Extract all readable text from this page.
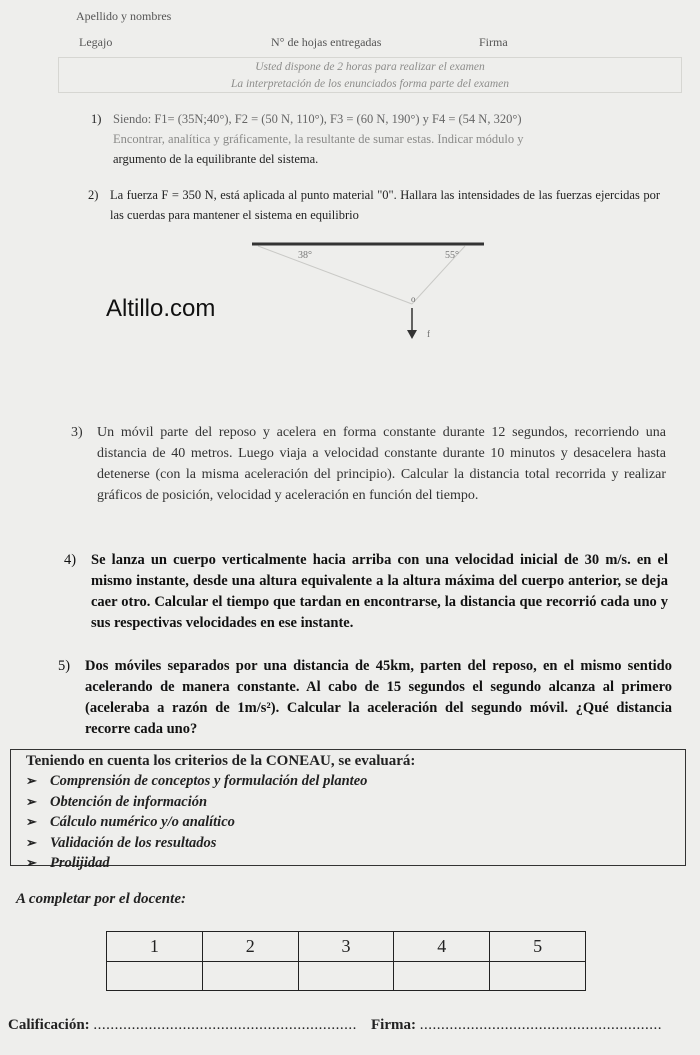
Apellido y nombres
Legajo	N° de hojas entregadas	Firma
Usted dispone de 2 horas para realizar el examen
La interpretación de los enunciados forma parte del examen
1) Siendo: F1= (35N;40°), F2 = (50 N, 110°), F3 = (60 N, 190°) y F4 = (54 N, 320°)
Encontrar, analítica y gráficamente, la resultante de sumar estas. Indicar módulo y
argumento de la equilibrante del sistema.
2) La fuerza F = 350 N, está aplicada al punto material "0". Hallara las intensidades de las fuerzas ejercidas por las cuerdas para mantener el sistema en equilibrio
38°	55°
o
f
Altillo.com
3) Un móvil parte del reposo y acelera en forma constante durante 12 segundos, recorriendo una distancia de 40 metros. Luego viaja a velocidad constante durante 10 minutos y desacelera hasta detenerse (con la misma aceleración del principio). Calcular la distancia total recorrida y realizar gráficos de posición, velocidad y aceleración en función del tiempo.
4) Se lanza un cuerpo verticalmente hacia arriba con una velocidad inicial de 30 m/s. en el mismo instante, desde una altura equivalente a la altura máxima del cuerpo anterior, se deja caer otro. Calcular el tiempo que tardan en encontrarse, la distancia que recorrió cada uno y sus respectivas velocidades en ese instante.
5) Dos móviles separados por una distancia de 45km, parten del reposo, en el mismo sentido acelerando de manera constante. Al cabo de 15 segundos el segundo alcanza al primero (aceleraba a razón de 1m/s²). Calcular la aceleración del segundo móvil. ¿Qué distancia recorre cada uno?
Teniendo en cuenta los criterios de la CONEAU, se evaluará:
➢ Comprensión de conceptos y formulación del planteo
➢ Obtención de información
➢ Cálculo numérico y/o analítico
➢ Validación de los resultados
➢ Prolijidad
A completar por el docente:
1	2	3	4	5

Calificación: .............................................................. Firma: .........................................................
